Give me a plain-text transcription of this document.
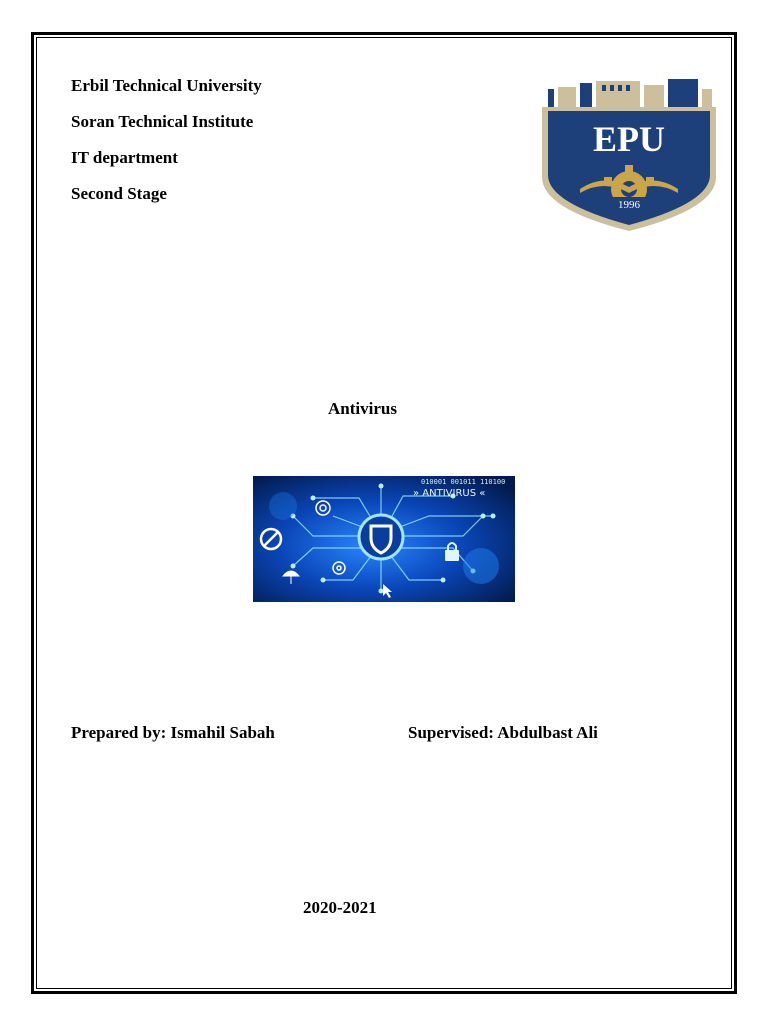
Erbil Technical University
Soran Technical Institute
IT department
Second Stage
EPU
1996
Antivirus
010001 001011 110100
» ANTIVIRUS «
Prepared by: Ismahil Sabah	Supervised: Abdulbast Ali
2020-2021
